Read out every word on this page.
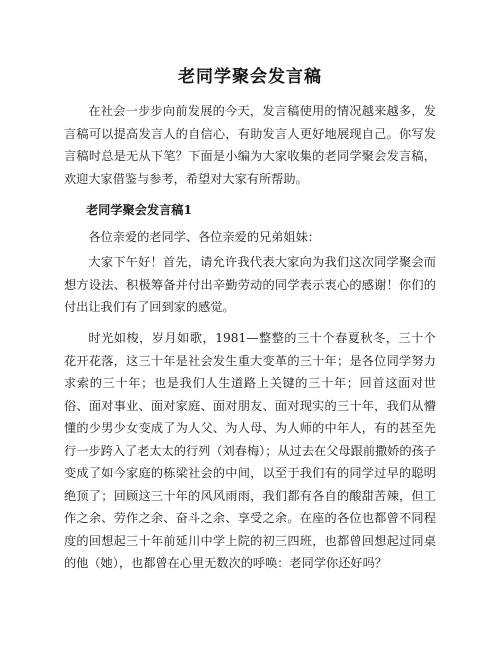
老同学聚会发言稿

在社会一步步向前发展的今天，发言稿使用的情况越来越多，发言稿可以提高发言人的自信心，有助发言人更好地展现自己。你写发言稿时总是无从下笔？下面是小编为大家收集的老同学聚会发言稿，欢迎大家借鉴与参考，希望对大家有所帮助。

老同学聚会发言稿1

各位亲爱的老同学、各位亲爱的兄弟姐妹：

大家下午好！首先，请允许我代表大家向为我们这次同学聚会而想方设法、积极筹备并付出辛勤劳动的同学表示衷心的感谢！你们的付出让我们有了回到家的感觉。

时光如梭，岁月如歌，1981—整整的三十个春夏秋冬，三十个花开花落，这三十年是社会发生重大变革的三十年；是各位同学努力求索的三十年；也是我们人生道路上关键的三十年；回首这面对世俗、面对事业、面对家庭、面对朋友、面对现实的三十年，我们从懵懂的少男少女变成了为人父、为人母、为人师的中年人，有的甚至先行一步跨入了老太太的行列（刘春梅）；从过去在父母跟前撒娇的孩子变成了如今家庭的栋梁社会的中间，以至于我们有的同学过早的聪明绝顶了；回顾这三十年的风风雨雨，我们都有各自的酸甜苦辣，但工作之余、劳作之余、奋斗之余、享受之余。在座的各位也都曾不同程度的回想起三十年前延川中学上院的初三四班，也都曾回想起过同桌的他（她），也都曾在心里无数次的呼唤：老同学你还好吗？
